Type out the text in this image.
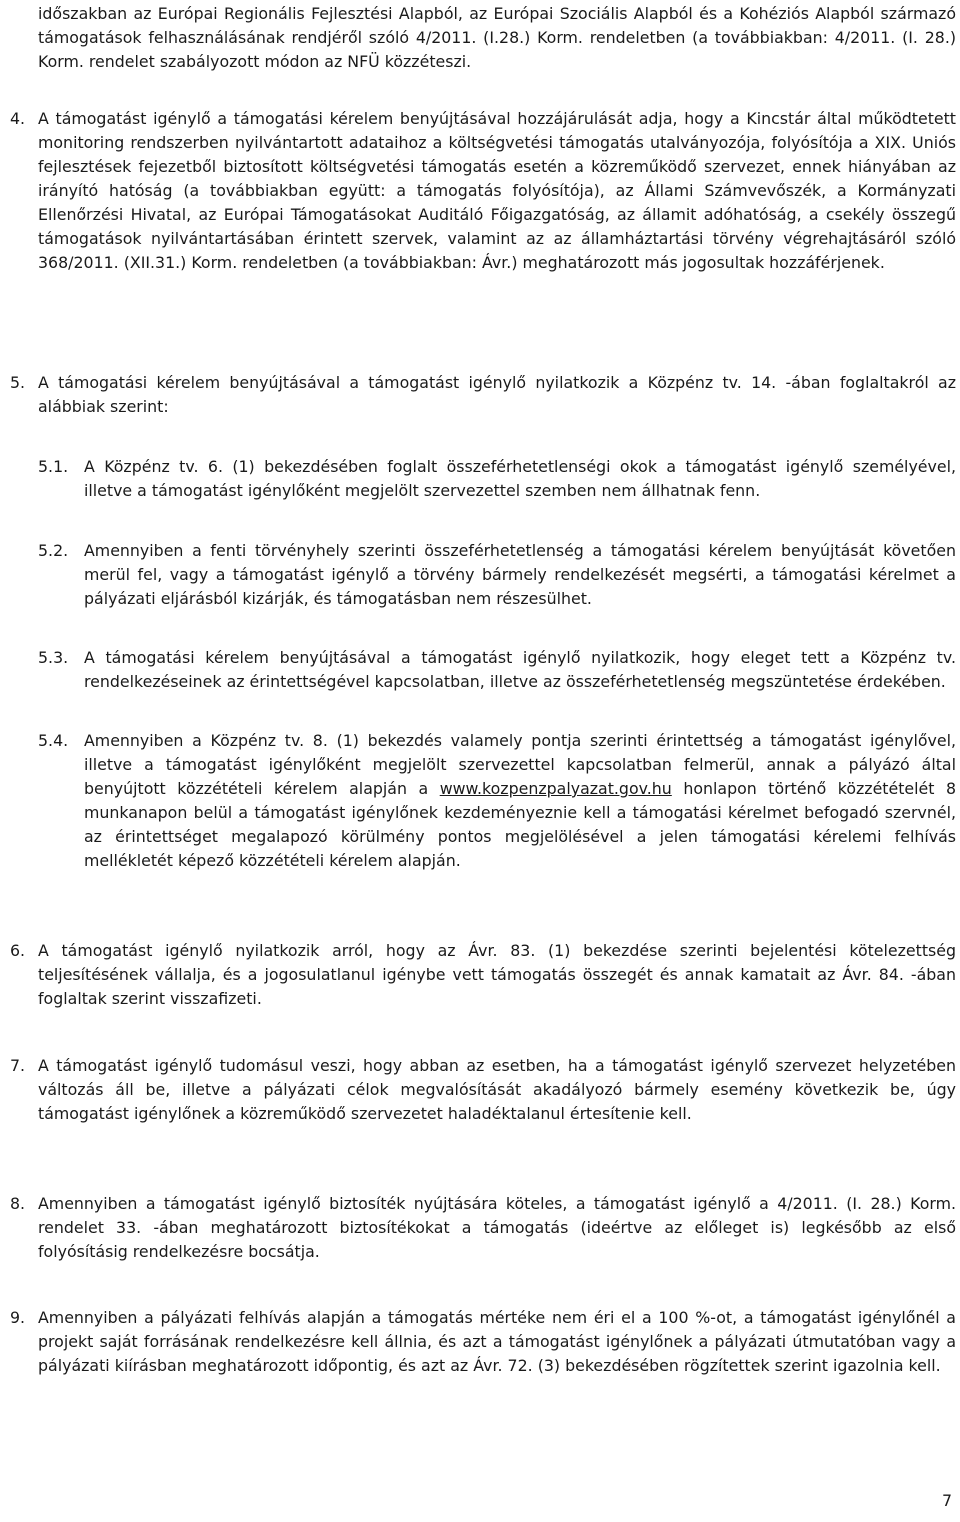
időszakban az Európai Regionális Fejlesztési Alapból, az Európai Szociális Alapból és a Kohéziós Alapból származó támogatások felhasználásának rendjéről szóló 4/2011. (I.28.) Korm. rendeletben (a továbbiakban: 4/2011. (I. 28.) Korm. rendelet szabályozott módon az NFÜ közzéteszi.

4. A támogatást igénylő a támogatási kérelem benyújtásával hozzájárulását adja, hogy a Kincstár által működtetett monitoring rendszerben nyilvántartott adataihoz a költségvetési támogatás utalványozója, folyósítója a XIX. Uniós fejlesztések fejezetből biztosított költségvetési támogatás esetén a közreműködő szervezet, ennek hiányában az irányító hatóság (a továbbiakban együtt: a támogatás folyósítója), az Állami Számvevőszék, a Kormányzati Ellenőrzési Hivatal, az Európai Támogatásokat Auditáló Főigazgatóság, az államit adóhatóság, a csekély összegű támogatások nyilvántartásában érintett szervek, valamint az az államháztartási törvény végrehajtásáról szóló 368/2011. (XII.31.) Korm. rendeletben (a továbbiakban: Ávr.) meghatározott más jogosultak hozzáférjenek.
5. A támogatási kérelem benyújtásával a támogatást igénylő nyilatkozik a Közpénz tv. 14. -ában foglaltakról az alábbiak szerint:
5.1. A Közpénz tv. 6. (1) bekezdésében foglalt összeférhetetlenségi okok a támogatást igénylő személyével, illetve a támogatást igénylőként megjelölt szervezettel szemben nem állhatnak fenn.
5.2. Amennyiben a fenti törvényhely szerinti összeférhetetlenség a támogatási kérelem benyújtását követően merül fel, vagy a támogatást igénylő a törvény bármely rendelkezését megsérti, a támogatási kérelmet a pályázati eljárásból kizárják, és támogatásban nem részesülhet.
5.3. A támogatási kérelem benyújtásával a támogatást igénylő nyilatkozik, hogy eleget tett a Közpénz tv. rendelkezéseinek az érintettségével kapcsolatban, illetve az összeférhetetlenség megszüntetése érdekében.
5.4. Amennyiben a Közpénz tv. 8. (1) bekezdés valamely pontja szerinti érintettség a támogatást igénylővel, illetve a támogatást igénylőként megjelölt szervezettel kapcsolatban felmerül, annak a pályázó által benyújtott közzétételi kérelem alapján a www.kozpenzpalyazat.gov.hu honlapon történő közzétételét 8 munkanapon belül a támogatást igénylőnek kezdeményeznie kell a támogatási kérelmet befogadó szervnél, az érintettséget megalapozó körülmény pontos megjelölésével a jelen támogatási kérelemi felhívás mellékletét képező közzétételi kérelem alapján.
6. A támogatást igénylő nyilatkozik arról, hogy az Ávr. 83. (1) bekezdése szerinti bejelentési kötelezettség teljesítésének vállalja, és a jogosulatlanul igénybe vett támogatás összegét és annak kamatait az Ávr. 84. -ában foglaltak szerint visszafizeti.
7. A támogatást igénylő tudomásul veszi, hogy abban az esetben, ha a támogatást igénylő szervezet helyzetében változás áll be, illetve a pályázati célok megvalósítását akadályozó bármely esemény következik be, úgy támogatást igénylőnek a közreműködő szervezetet haladéktalanul értesítenie kell.
8. Amennyiben a támogatást igénylő biztosíték nyújtására köteles, a támogatást igénylő a 4/2011. (I. 28.) Korm. rendelet 33. -ában meghatározott biztosítékokat a támogatás (ideértve az előleget is) legkésőbb az első folyósításig rendelkezésre bocsátja.
9. Amennyiben a pályázati felhívás alapján a támogatás mértéke nem éri el a 100 %-ot, a támogatást igénylőnél a projekt saját forrásának rendelkezésre kell állnia, és azt a támogatást igénylőnek a pályázati útmutatóban vagy a pályázati kiírásban meghatározott időpontig, és azt az Ávr. 72. (3) bekezdésében rögzítettek szerint igazolnia kell.
7
